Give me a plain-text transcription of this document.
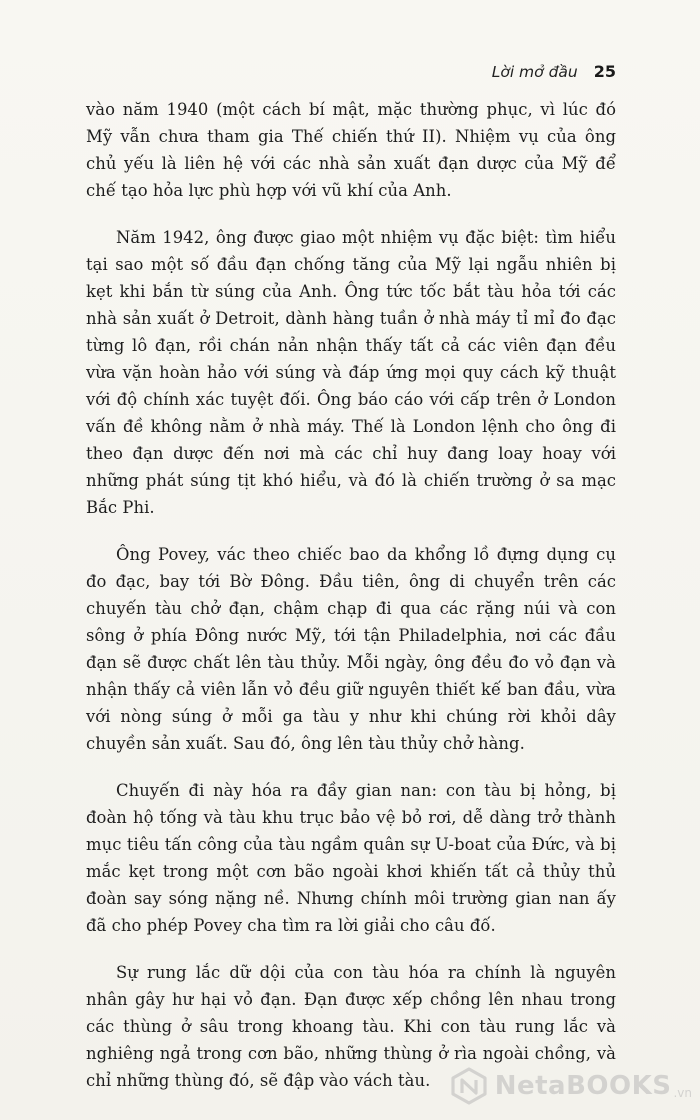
Lời mở đầu 25

vào năm 1940 (một cách bí mật, mặc thường phục, vì lúc đó Mỹ vẫn chưa tham gia Thế chiến thứ II). Nhiệm vụ của ông chủ yếu là liên hệ với các nhà sản xuất đạn dược của Mỹ để chế tạo hỏa lực phù hợp với vũ khí của Anh.

Năm 1942, ông được giao một nhiệm vụ đặc biệt: tìm hiểu tại sao một số đầu đạn chống tăng của Mỹ lại ngẫu nhiên bị kẹt khi bắn từ súng của Anh. Ông tức tốc bắt tàu hỏa tới các nhà sản xuất ở Detroit, dành hàng tuần ở nhà máy tỉ mỉ đo đạc từng lô đạn, rồi chán nản nhận thấy tất cả các viên đạn đều vừa vặn hoàn hảo với súng và đáp ứng mọi quy cách kỹ thuật với độ chính xác tuyệt đối. Ông báo cáo với cấp trên ở London vấn đề không nằm ở nhà máy. Thế là London lệnh cho ông đi theo đạn dược đến nơi mà các chỉ huy đang loay hoay với những phát súng tịt khó hiểu, và đó là chiến trường ở sa mạc Bắc Phi.

Ông Povey, vác theo chiếc bao da khổng lồ đựng dụng cụ đo đạc, bay tới Bờ Đông. Đầu tiên, ông di chuyển trên các chuyến tàu chở đạn, chậm chạp đi qua các rặng núi và con sông ở phía Đông nước Mỹ, tới tận Philadelphia, nơi các đầu đạn sẽ được chất lên tàu thủy. Mỗi ngày, ông đều đo vỏ đạn và nhận thấy cả viên lẫn vỏ đều giữ nguyên thiết kế ban đầu, vừa với nòng súng ở mỗi ga tàu y như khi chúng rời khỏi dây chuyền sản xuất. Sau đó, ông lên tàu thủy chở hàng.

Chuyến đi này hóa ra đầy gian nan: con tàu bị hỏng, bị đoàn hộ tống và tàu khu trục bảo vệ bỏ rơi, dễ dàng trở thành mục tiêu tấn công của tàu ngầm quân sự U-boat của Đức, và bị mắc kẹt trong một cơn bão ngoài khơi khiến tất cả thủy thủ đoàn say sóng nặng nề. Nhưng chính môi trường gian nan ấy đã cho phép Povey cha tìm ra lời giải cho câu đố.

Sự rung lắc dữ dội của con tàu hóa ra chính là nguyên nhân gây hư hại vỏ đạn. Đạn được xếp chồng lên nhau trong các thùng ở sâu trong khoang tàu. Khi con tàu rung lắc và nghiêng ngả trong cơn bão, những thùng ở rìa ngoài chồng, và chỉ những thùng đó, sẽ đập vào vách tàu.	NetaBOOKS .vn
